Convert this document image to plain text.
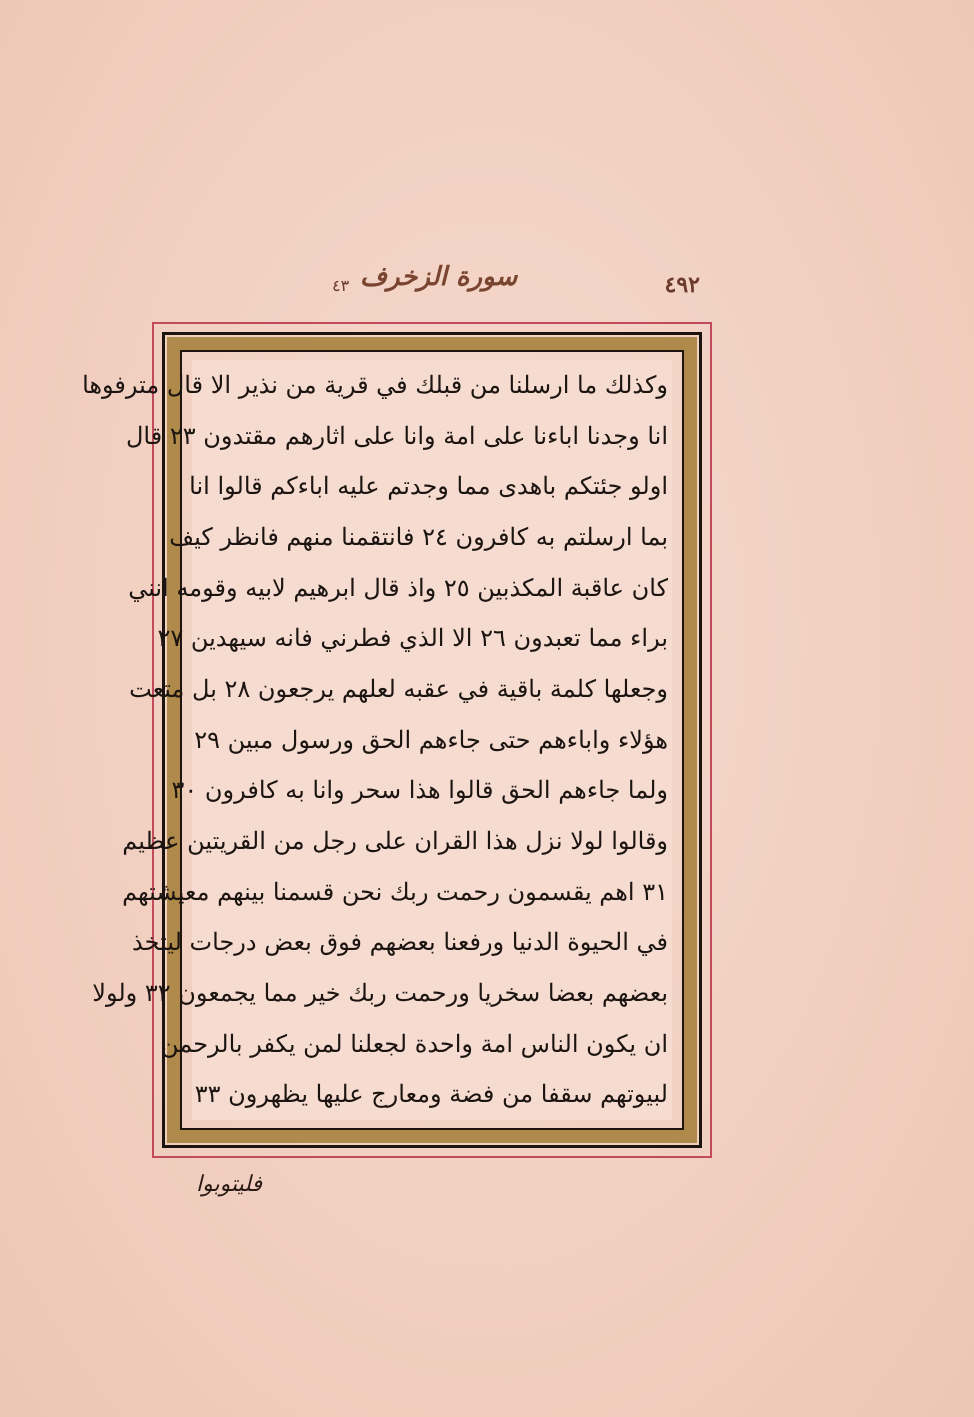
٤٣ سورة الزخرف	٤٩٢
وكذلك ما ارسلنا من قبلك في قرية من نذير الا قال مترفوها
انا وجدنا اباءنا على امة وانا على اثارهم مقتدون ٢٣ قال
اولو جئتكم باهدى مما وجدتم عليه اباءكم قالوا انا
بما ارسلتم به كافرون ٢٤ فانتقمنا منهم فانظر كيف
كان عاقبة المكذبين ٢٥ واذ قال ابرهيم لابيه وقومه انني
براء مما تعبدون ٢٦ الا الذي فطرني فانه سيهدين ٢٧
وجعلها كلمة باقية في عقبه لعلهم يرجعون ٢٨ بل متعت
هؤلاء واباءهم حتى جاءهم الحق ورسول مبين ٢٩
ولما جاءهم الحق قالوا هذا سحر وانا به كافرون ٣٠
وقالوا لولا نزل هذا القران على رجل من القريتين عظيم
٣١ اهم يقسمون رحمت ربك نحن قسمنا بينهم معيشتهم
في الحيوة الدنيا ورفعنا بعضهم فوق بعض درجات ليتخذ
بعضهم بعضا سخريا ورحمت ربك خير مما يجمعون ٣٢ ولولا
ان يكون الناس امة واحدة لجعلنا لمن يكفر بالرحمن
لبيوتهم سقفا من فضة ومعارج عليها يظهرون ٣٣
فليتوبوا
